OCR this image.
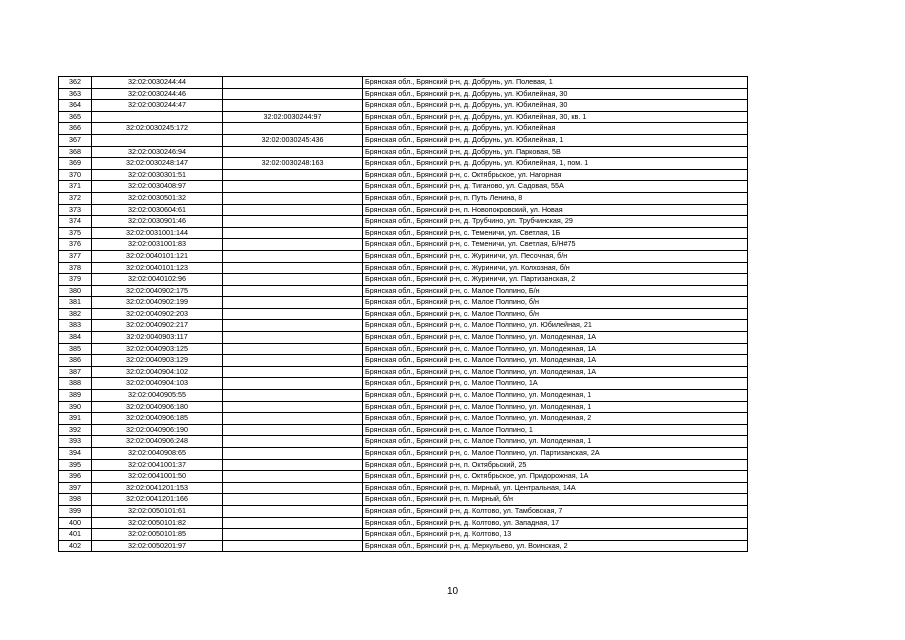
362	32:02:0030244:44		Брянская обл., Брянский р-н, д. Добрунь, ул. Полевая, 1
363	32:02:0030244:46		Брянская обл., Брянский р-н, д. Добрунь, ул. Юбилейная, 30
364	32:02:0030244:47		Брянская обл., Брянский р-н, д. Добрунь, ул. Юбилейная, 30
365		32:02:0030244:97	Брянская обл., Брянский р-н, д. Добрунь, ул. Юбилейная, 30, кв. 1
366	32:02:0030245:172		Брянская обл., Брянский р-н, д. Добрунь, ул. Юбилейная
367		32:02:0030245:436	Брянская обл., Брянский р-н, д. Добрунь, ул. Юбилейная, 1
368	32:02:0030246:94		Брянская обл., Брянский р-н, д. Добрунь, ул. Парковая, 5В
369	32:02:0030248:147	32:02:0030248:163	Брянская обл., Брянский р-н, д. Добрунь, ул. Юбилейная, 1, пом. 1
370	32:02:0030301:51		Брянская обл., Брянский р-н, с. Октябрьское, ул. Нагорная
371	32:02:0030408:97		Брянская обл., Брянский р-н, д. Тиганово, ул. Садовая, 55А
372	32:02:0030501:32		Брянская обл., Брянский р-н, п. Путь Ленина, 8
373	32:02:0030604:61		Брянская обл., Брянский р-н, п. Новопокровский, ул. Новая
374	32:02:0030901:46		Брянская обл., Брянский р-н, д. Трубчино, ул. Трубчинская, 29
375	32:02:0031001:144		Брянская обл., Брянский р-н, с. Теменичи, ул. Светлая, 1Б
376	32:02:0031001:83		Брянская обл., Брянский р-н, с. Теменичи, ул. Светлая, Б/Н#75
377	32:02:0040101:121		Брянская обл., Брянский р-н, с. Журиничи, ул. Песочная, б/н
378	32:02:0040101:123		Брянская обл., Брянский р-н, с. Журиничи, ул. Колхозная, б/н
379	32:02:0040102:96		Брянская обл., Брянский р-н, с. Журиничи, ул. Партизанская, 2
380	32:02:0040902:175		Брянская обл., Брянский р-н, с. Малое Полпино, Б/н
381	32:02:0040902:199		Брянская обл., Брянский р-н, с. Малое Полпино, б/н
382	32:02:0040902:203		Брянская обл., Брянский р-н, с. Малое Полпино, б/н
383	32:02:0040902:217		Брянская обл., Брянский р-н, с. Малое Полпино, ул. Юбилейная, 21
384	32:02:0040903:117		Брянская обл., Брянский р-н, с. Малое Полпино, ул. Молодежная, 1А
385	32:02:0040903:125		Брянская обл., Брянский р-н, с. Малое Полпино, ул. Молодежная, 1А
386	32:02:0040903:129		Брянская обл., Брянский р-н, с. Малое Полпино, ул. Молодежная, 1А
387	32:02:0040904:102		Брянская обл., Брянский р-н, с. Малое Полпино, ул. Молодежная, 1А
388	32:02:0040904:103		Брянская обл., Брянский р-н, с. Малое Полпино, 1А
389	32:02:0040905:55		Брянская обл., Брянский р-н, с. Малое Полпино, ул. Молодежная, 1
390	32:02:0040906:180		Брянская обл., Брянский р-н, с. Малое Полпино, ул. Молодежная, 1
391	32:02:0040906:185		Брянская обл., Брянский р-н, с. Малое Полпино, ул. Молодежная, 2
392	32:02:0040906:190		Брянская обл., Брянский р-н, с. Малое Полпино, 1
393	32:02:0040906:248		Брянская обл., Брянский р-н, с. Малое Полпино, ул. Молодежная, 1
394	32:02:0040908:65		Брянская обл., Брянский р-н, с. Малое Полпино, ул. Партизанская, 2А
395	32:02:0041001:37		Брянская обл., Брянский р-н, п. Октябрьский, 25
396	32:02:0041001:50		Брянская обл., Брянский р-н, с. Октябрьское, ул. Придорожная, 1А
397	32:02:0041201:153		Брянская обл., Брянский р-н, п. Мирный, ул. Центральная, 14А
398	32:02:0041201:166		Брянская обл., Брянский р-н, п. Мирный, б/н
399	32:02:0050101:61		Брянская обл., Брянский р-н, д. Колтово, ул. Тамбовская, 7
400	32:02:0050101:82		Брянская обл., Брянский р-н, д. Колтово, ул. Западная, 17
401	32:02:0050101:85		Брянская обл., Брянский р-н, д. Колтово, 13
402	32:02:0050201:97		Брянская обл., Брянский р-н, д. Меркульево, ул. Воинская, 2
10
